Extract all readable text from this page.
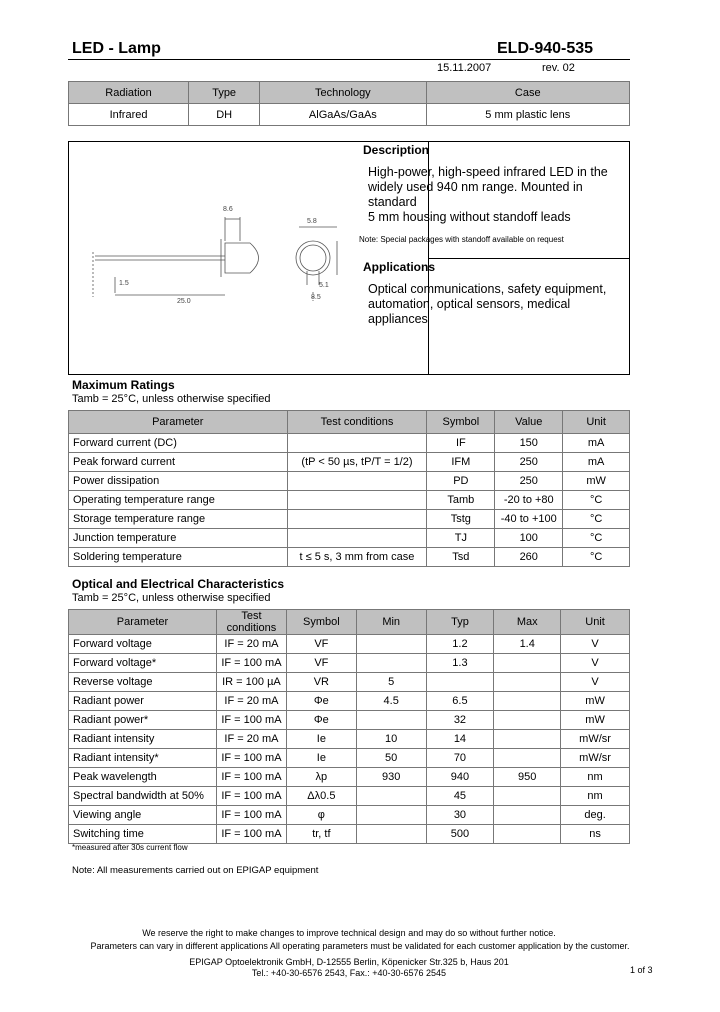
LED - Lamp	ELD-940-535
15.11.2007	rev. 02
Radiation	Type	Technology	Case
Infrared	DH	AlGaAs/GaAs	5 mm plastic lens
8.6
5.8
1.5
25.0
5.1
8.5
Description
High-power, high-speed infrared LED in the
widely used 940 nm range. Mounted in standard
5 mm housing without standoff leads
Note: Special packages with standoff available on request
Applications
Optical communications, safety equipment,
automation, optical sensors, medical appliances
Maximum Ratings
Tamb = 25°C, unless otherwise specified
Parameter	Test conditions	Symbol	Value	Unit
Forward current (DC)		IF	150	mA
Peak forward current	(tP < 50 µs, tP/T = 1/2)	IFM	250	mA
Power dissipation		PD	250	mW
Operating temperature range		Tamb	-20 to +80	°C
Storage temperature range		Tstg	-40 to +100	°C
Junction temperature		TJ	100	°C
Soldering temperature	t ≤ 5 s, 3 mm from case	Tsd	260	°C
Optical and Electrical Characteristics
Tamb = 25°C, unless otherwise specified
Parameter	Test conditions	Symbol	Min	Typ	Max	Unit
Forward voltage	IF = 20 mA	VF		1.2	1.4	V
Forward voltage*	IF = 100 mA	VF		1.3		V
Reverse voltage	IR = 100 µA	VR	5			V
Radiant power	IF = 20 mA	Φe	4.5	6.5		mW
Radiant power*	IF = 100 mA	Φe		32		mW
Radiant intensity	IF = 20 mA	Ie	10	14		mW/sr
Radiant intensity*	IF = 100 mA	Ie	50	70		mW/sr
Peak wavelength	IF = 100 mA	λp	930	940	950	nm
Spectral bandwidth at 50%	IF = 100 mA	Δλ0.5		45		nm
Viewing angle	IF = 100 mA	φ		30		deg.
Switching time	IF = 100 mA	tr, tf		500		ns
*measured after 30s current flow
Note: All measurements carried out on EPIGAP equipment
We reserve the right to make changes to improve technical design and may do so without further notice.
Parameters can vary in different applications All operating parameters must be validated for each customer application by the customer.
EPIGAP Optoelektronik GmbH, D-12555 Berlin, Köpenicker Str.325 b, Haus 201
Tel.: +40-30-6576 2543, Fax.: +40-30-6576 2545	1 of 3
